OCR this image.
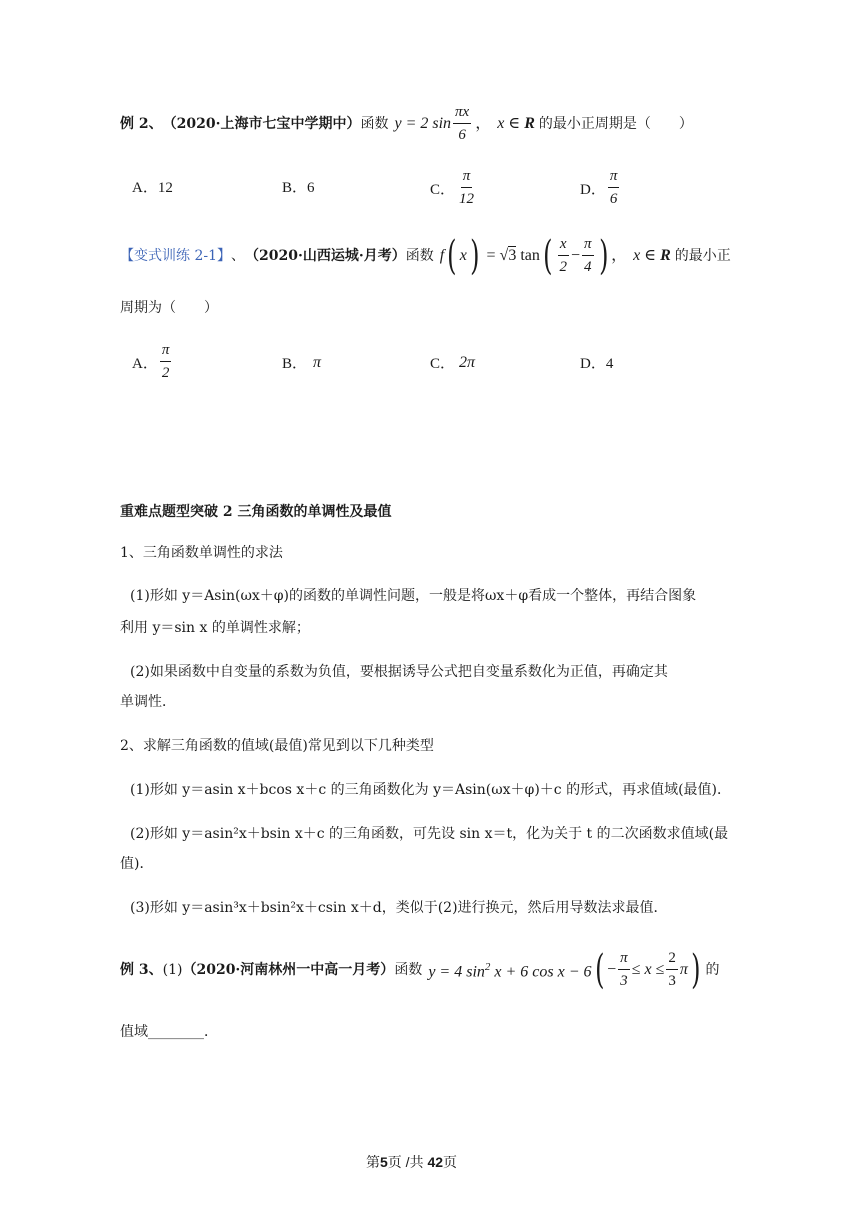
例 2、 （2020·上海市七宝中学期中） 函数 y = 2 $\sin \frac{\pi x}{6}$ ， x ∈ R 的最小正周期是（　　）
A．12	B．6	C． $\frac{\pi}{12}$	D． $\frac{\pi}{6}$
【变式训练 2-1】 、 （2020·山西运城·月考） 函数 f ( x ) = √3 tan ( $\frac{x}{2} - \frac{\pi}{4}$ ) ， x ∈ R 的最小正
周期为（　　）
A． $\frac{\pi}{2}$	B． π	C． 2π	D．4
重难点题型突破 2 三角函数的单调性及最值
1、三角函数单调性的求法
(1)形如 y＝Asin(ωx＋φ)的函数的单调性问题，一般是将ωx＋φ看成一个整体，再结合图象
利用 y＝sin x 的单调性求解；
(2)如果函数中自变量的系数为负值，要根据诱导公式把自变量系数化为正值，再确定其
单调性．
2、求解三角函数的值域(最值)常见到以下几种类型
(1)形如 y＝asin x＋bcos x＋c 的三角函数化为 y＝Asin(ωx＋φ)＋c 的形式，再求值域(最值)．
(2)形如 y＝asin²x＋bsin x＋c 的三角函数，可先设 sin x＝t，化为关于 t 的二次函数求值域(最
值)．
(3)形如 y＝asin³x＋bsin²x＋csin x＋d，类似于(2)进行换元，然后用导数法求最值．
例 3、 (1) （2020·河南林州一中高一月考） 函数 y = 4 $\sin^2 x + 6$ cos x − 6 ( − $\frac{\pi}{3} \le x \le \frac{2}{3}$ π ) 的
值域________．
第5页 /共 42页
